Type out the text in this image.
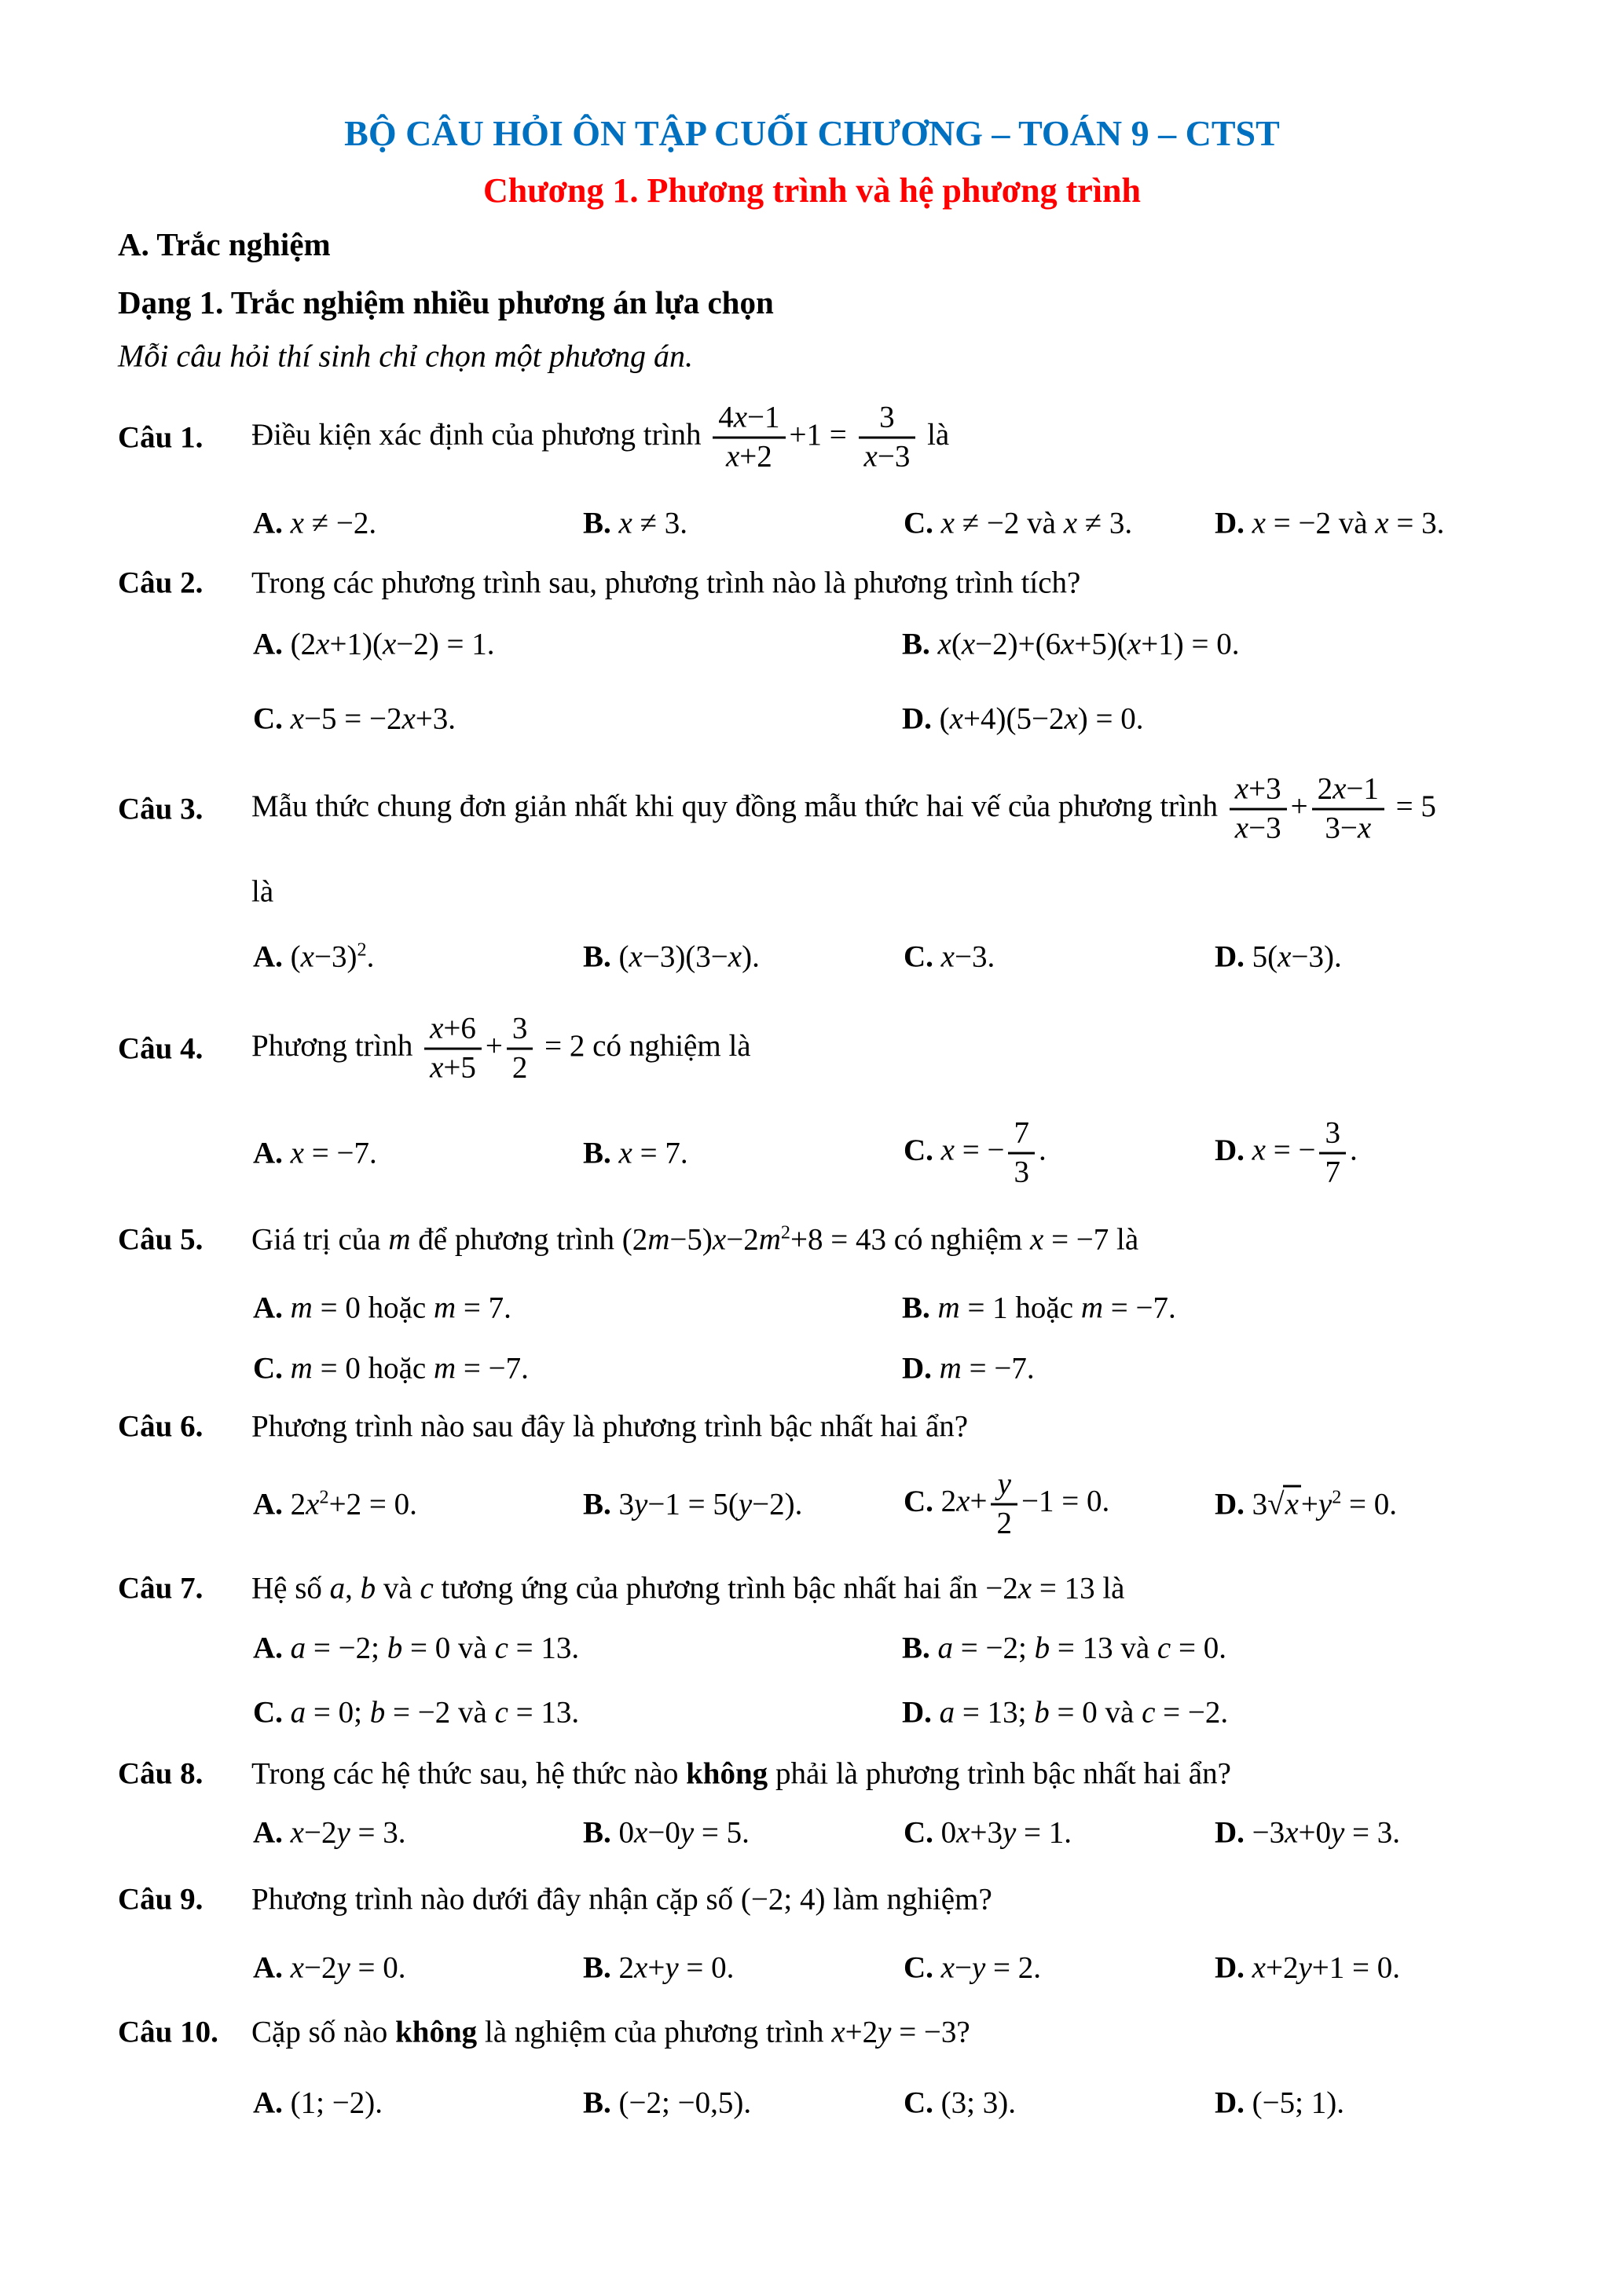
BỘ CÂU HỎI ÔN TẬP CUỐI CHƯƠNG – TOÁN 9 – CTST
Chương 1. Phương trình và hệ phương trình
A. Trắc nghiệm
Dạng 1. Trắc nghiệm nhiều phương án lựa chọn
Mỗi câu hỏi thí sinh chỉ chọn một phương án.
Câu 1. Điều kiện xác định của phương trình $\frac{4x-1}{x+2} +1 = \frac{3}{x-3}$ là
A. x ≠ −2.	B. x ≠ 3.	C. x ≠ −2 và x ≠ 3.	D. x = −2 và x = 3.
Câu 2. Trong các phương trình sau, phương trình nào là phương trình tích?
A. (2x+1)(x−2) = 1.	B. x(x−2)+(6x+5)(x+1) = 0.
C. x−5 = −2x+3.	D. (x+4)(5−2x) = 0.
Câu 3. Mẫu thức chung đơn giản nhất khi quy đồng mẫu thức hai vế của phương trình $\frac{x+3}{x-3} + \frac{2x-1}{3-x} = 5$
là
A. $(x-3)^2$.	B. (x−3)(3−x).	C. x−3.	D. 5(x−3).
Câu 4. Phương trình $\frac{x+6}{x+5} + \frac{3}{2} = 2$ có nghiệm là
A. x = −7.	B. x = 7.	C. x = − $\frac{7}{3}$ .	D. x = − $\frac{3}{7}$ .
Câu 5. Giá trị của m để phương trình $(2m-5)x-2m^2+8 = 43$ có nghiệm x = −7 là
A. m = 0 hoặc m = 7.	B. m = 1 hoặc m = −7.
C. m = 0 hoặc m = −7.	D. m = −7.
Câu 6. Phương trình nào sau đây là phương trình bậc nhất hai ẩn?
A. $2x^2+2 = 0$.	B. 3y−1 = 5(y−2).	C. $2x+ \frac{y}{2} -1 = 0$.	D. $3√x+y^2 = 0$.
Câu 7. Hệ số a, b và c tương ứng của phương trình bậc nhất hai ẩn −2x = 13 là
A. a = −2; b = 0 và c = 13.	B. a = −2; b = 13 và c = 0.
C. a = 0; b = −2 và c = 13.	D. a = 13; b = 0 và c = −2.
Câu 8. Trong các hệ thức sau, hệ thức nào không phải là phương trình bậc nhất hai ẩn?
A. x−2y = 3.	B. 0x−0y = 5.	C. 0x+3y = 1.	D. −3x+0y = 3.
Câu 9. Phương trình nào dưới đây nhận cặp số (−2; 4) làm nghiệm?
A. x−2y = 0.	B. 2x+y = 0.	C. x−y = 2.	D. x+2y+1 = 0.
Câu 10. Cặp số nào không là nghiệm của phương trình x+2y = −3?
A. (1; −2).	B. (−2; −0,5).	C. (3; 3).	D. (−5; 1).
